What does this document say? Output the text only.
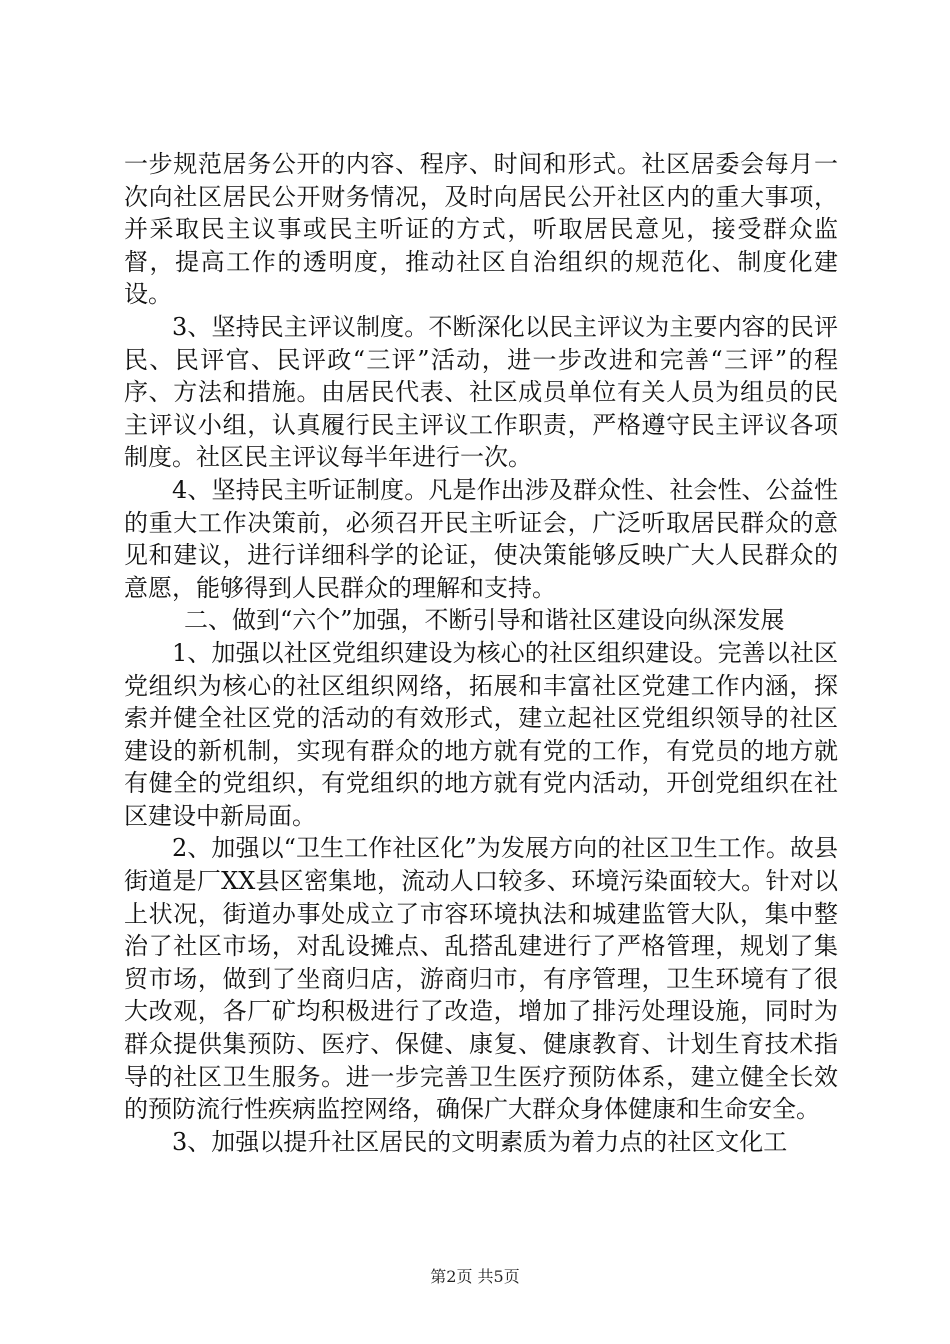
一步规范居务公开的内容、程序、时间和形式。社区居委会每月一次向社区居民公开财务情况，及时向居民公开社区内的重大事项，并采取民主议事或民主听证的方式，听取居民意见，接受群众监督，提高工作的透明度，推动社区自治组织的规范化、制度化建设。

3、坚持民主评议制度。不断深化以民主评议为主要内容的民评民、民评官、民评政“三评”活动，进一步改进和完善“三评”的程序、方法和措施。由居民代表、社区成员单位有关人员为组员的民主评议小组，认真履行民主评议工作职责，严格遵守民主评议各项制度。社区民主评议每半年进行一次。

4、坚持民主听证制度。凡是作出涉及群众性、社会性、公益性的重大工作决策前，必须召开民主听证会，广泛听取居民群众的意见和建议，进行详细科学的论证，使决策能够反映广大人民群众的意愿，能够得到人民群众的理解和支持。

二、做到“六个”加强，不断引导和谐社区建设向纵深发展

1、加强以社区党组织建设为核心的社区组织建设。完善以社区党组织为核心的社区组织网络，拓展和丰富社区党建工作内涵，探索并健全社区党的活动的有效形式，建立起社区党组织领导的社区建设的新机制，实现有群众的地方就有党的工作，有党员的地方就有健全的党组织，有党组织的地方就有党内活动，开创党组织在社区建设中新局面。

2、加强以“卫生工作社区化”为发展方向的社区卫生工作。故县街道是厂XX县区密集地，流动人口较多、环境污染面较大。针对以上状况，街道办事处成立了市容环境执法和城建监管大队，集中整治了社区市场，对乱设摊点、乱搭乱建进行了严格管理，规划了集贸市场，做到了坐商归店，游商归市，有序管理，卫生环境有了很大改观，各厂矿均积极进行了改造，增加了排污处理设施，同时为群众提供集预防、医疗、保健、康复、健康教育、计划生育技术指导的社区卫生服务。进一步完善卫生医疗预防体系，建立健全长效的预防流行性疾病监控网络，确保广大群众身体健康和生命安全。

3、加强以提升社区居民的文明素质为着力点的社区文化工

第2页 共5页
